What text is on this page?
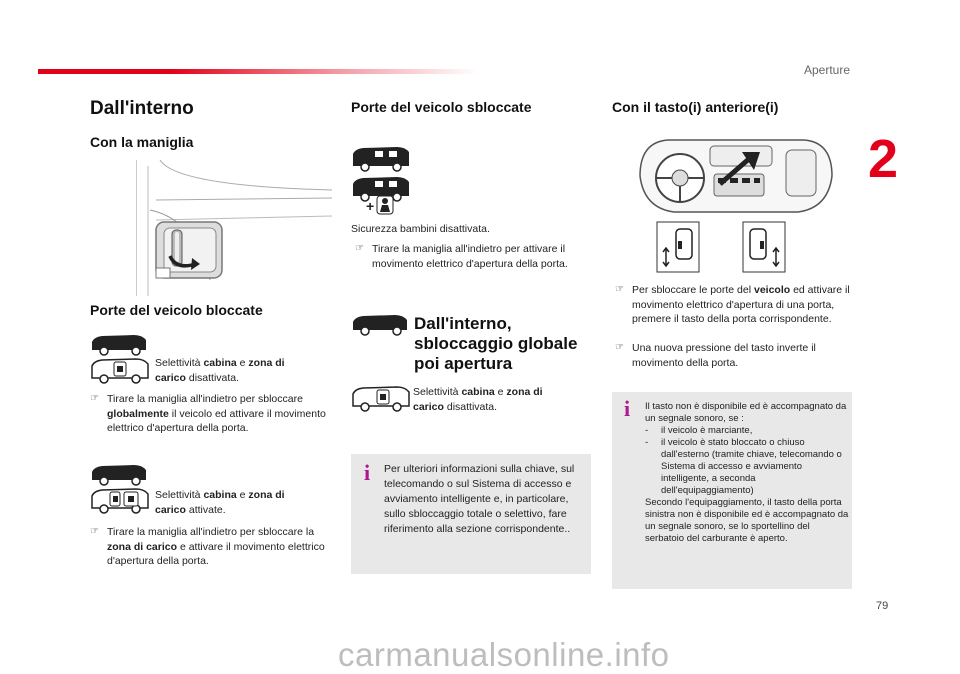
Aperture
2
79
carmanualsonline.info
Dall'interno
Con la maniglia
Porte del veicolo bloccate
Selettività cabina e zona di carico disattivata.
☞ Tirare la maniglia all'indietro per sbloccare globalmente il veicolo ed attivare il movimento elettrico d'apertura della porta.
Selettività cabina e zona di carico attivate.
☞ Tirare la maniglia all'indietro per sbloccare la zona di carico e attivare il movimento elettrico d'apertura della porta.
Porte del veicolo sbloccate
+
Sicurezza bambini disattivata.
☞ Tirare la maniglia all'indietro per attivare il movimento elettrico d'apertura della porta.
Dall'interno,
sbloccaggio globale
poi apertura
Selettività cabina e zona di carico disattivata.
i Per ulteriori informazioni sulla chiave, sul telecomando o sul Sistema di accesso e avviamento intelligente e, in particolare, sullo sbloccaggio totale o selettivo, fare riferimento alla sezione corrispondente..
Con il tasto(i) anteriore(i)
☞ Per sbloccare le porte del veicolo ed attivare il movimento elettrico d'apertura di una porta, premere il tasto della porta corrispondente.
☞ Una nuova pressione del tasto inverte il movimento della porta.
i Il tasto non è disponibile ed è accompagnato da un segnale sonoro, se :
- il veicolo è marciante,
- il veicolo è stato bloccato o chiuso dall'esterno (tramite chiave, telecomando o Sistema di accesso e avviamento intelligente, a seconda dell'equipaggiamento)
Secondo l'equipaggiamento, il tasto della porta sinistra non è disponibile ed è accompagnato da un segnale sonoro, se lo sportellino del serbatoio del carburante è aperto.
